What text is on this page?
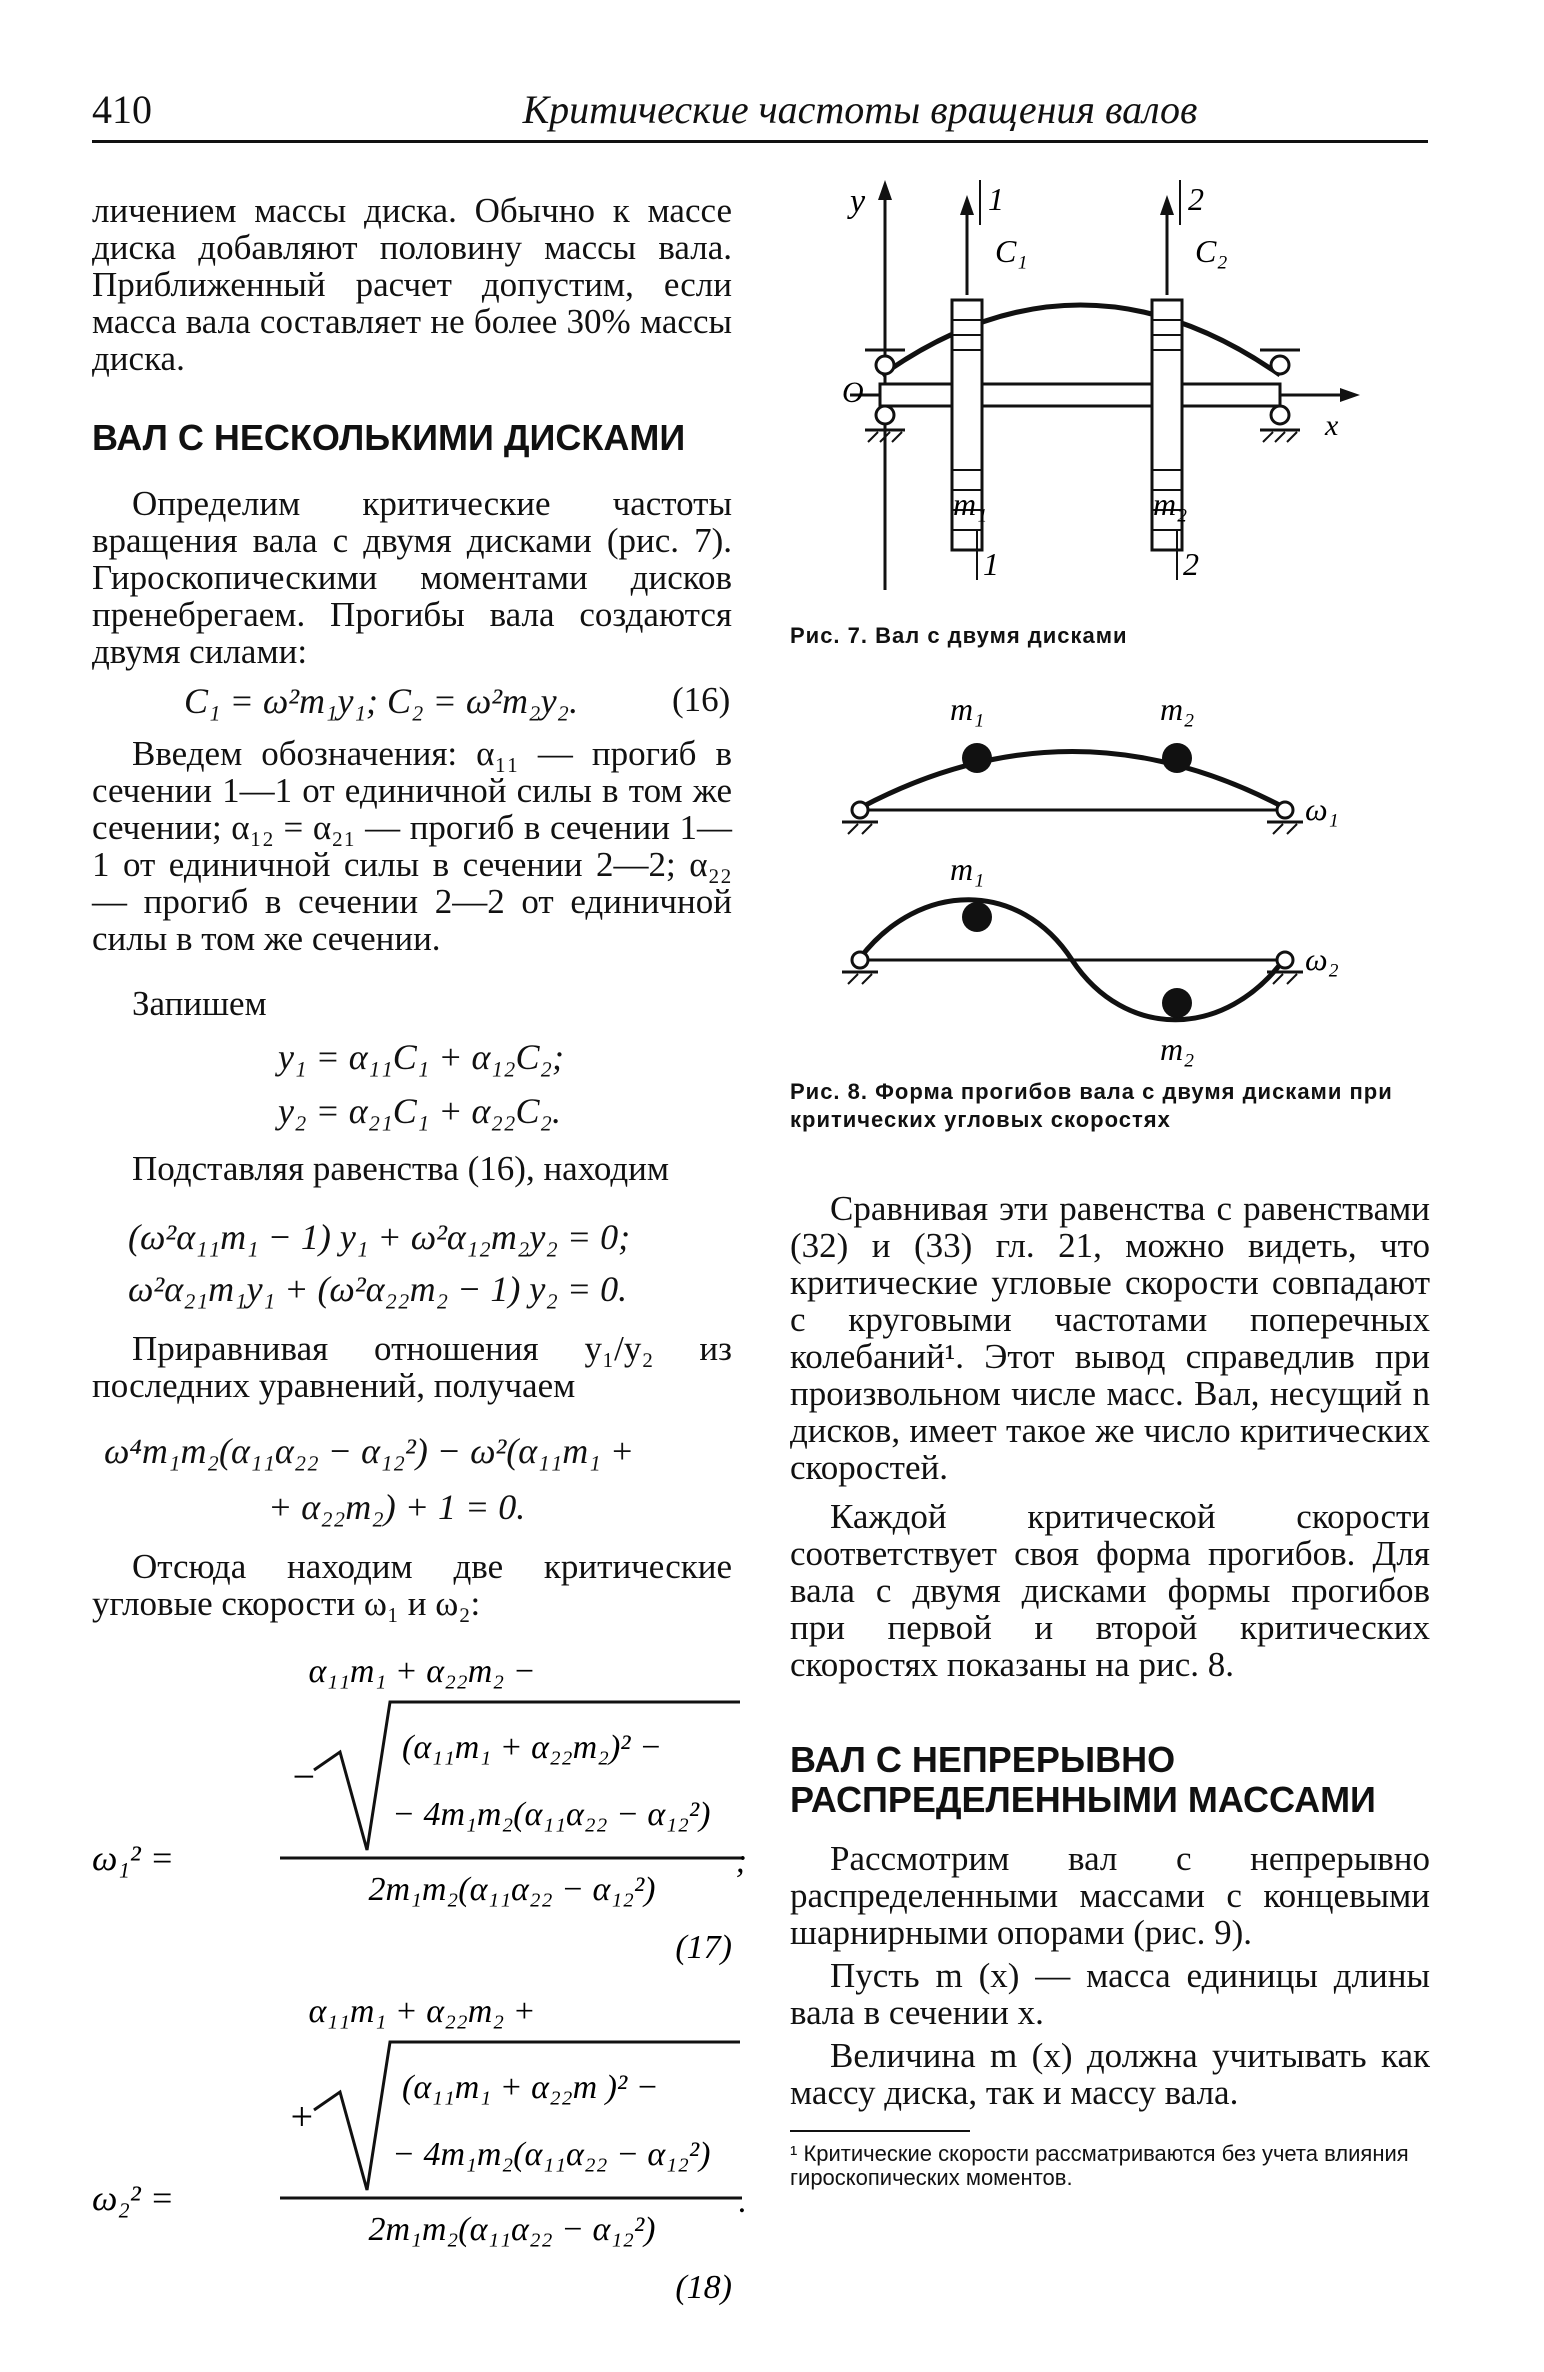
410	Критические частоты вращения валов

личением массы диска. Обычно к массе диска добавляют половину массы вала. Приближенный расчет допустим, если масса вала составляет не более 30% массы диска.

ВАЛ С НЕСКОЛЬКИМИ ДИСКАМИ

Определим критические частоты вращения вала с двумя дисками (рис. 7). Гироскопическими моментами дисков пренебрегаем. Прогибы вала создаются двумя силами:

C₁ = ω²m₁y₁; C₂ = ω²m₂y₂.	(16)

Введем обозначения: α₁₁ — прогиб в сечении 1—1 от единичной силы в том же сечении; α₁₂ = α₂₁ — прогиб в сечении 1—1 от единичной силы в сечении 2—2; α₂₂ — прогиб в сечении 2—2 от единичной силы в том же сечении.

Запишем
y₁ = α₁₁C₁ + α₁₂C₂;
y₂ = α₂₁C₁ + α₂₂C₂.

Подставляя равенства (16), находим

(ω²α₁₁m₁ − 1) y₁ + ω²α₁₂m₂y₂ = 0;
ω²α₂₁m₁y₁ + (ω²α₂₂m₂ − 1) y₂ = 0.

Приравнивая отношения y₁/y₂ из последних уравнений, получаем

ω⁴m₁m₂(α₁₁α₂₂ − α₁₂²) − ω²(α₁₁m₁ +
+ α₂₂m₂) + 1 = 0.

Отсюда находим две критические угловые скорости ω₁ и ω₂:

α₁₁m₁ + α₂₂m₂ −
−
(α₁₁m₁ + α₂₂m₂)² −
− 4m₁m₂(α₁₁α₂₂ − α₁₂²)
2m₁m₂(α₁₁α₂₂ − α₁₂²)
ω₁² =	;
(17)
α₁₁m₁ + α₂₂m₂ +
+
(α₁₁m₁ + α₂₂m )² −
− 4m₁m₂(α₁₁α₂₂ − α₁₂²)
2m₁m₂(α₁₁α₂₂ − α₁₂²)
ω₂² =	.
(18)
y
x
O
1	2
C₁	C₂
m₁
1	2
m₂
Рис. 7. Вал с двумя дисками
m₁	m₂
ω₁
m₁
m₂
ω₂
Рис. 8. Форма прогибов вала с двумя дисками при критических угловых скоростях

Сравнивая эти равенства с равенствами (32) и (33) гл. 21, можно видеть, что критические угловые скорости совпадают с круговыми частотами поперечных колебаний¹. Этот вывод справедлив при произвольном числе масс. Вал, несущий n дисков, имеет такое же число критических скоростей.

Каждой критической скорости соответствует своя форма прогибов. Для вала с двумя дисками формы прогибов при первой и второй критических скоростях показаны на рис. 8.

ВАЛ С НЕПРЕРЫВНО РАСПРЕДЕЛЕННЫМИ МАССАМИ

Рассмотрим вал с непрерывно распределенными массами с концевыми шарнирными опорами (рис. 9).

Пусть m (x) — масса единицы длины вала в сечении x.

Величина m (x) должна учитывать как массу диска, так и массу вала.

¹ Критические скорости рассматриваются без учета влияния гироскопических моментов.
